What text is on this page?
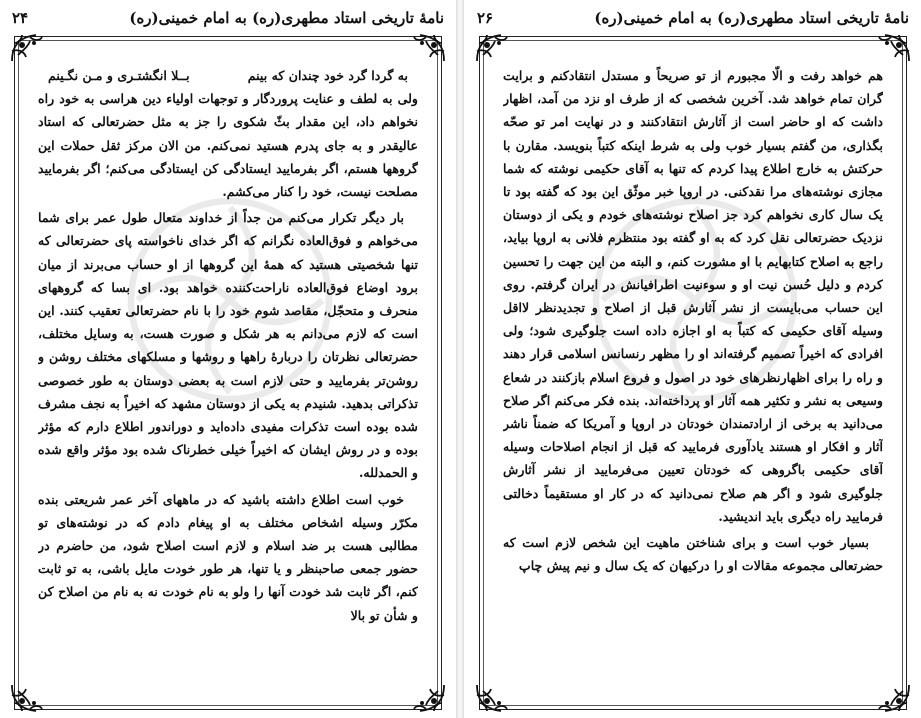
نامۀ تاریخی استاد مطهری(ره) به امام خمینی(ره)
۲۴
به گردا گرد خود چندان که بینم
بــلا انگشتـری و مـن نگـینم

ولی به لطف و عنایت پروردگار و توجهات اولیاء دین هراسی به خود راه نخواهم داد، این مقدار بثّ شکوی را جز به مثل حضرتعالی که استاد عالیقدر و به جای پدرم هستید نمی‌کنم. من الان مرکز ثقل حملات این گروهها هستم، اگر بفرمایید ایستادگی کن ایستادگی می‌کنم؛ اگر بفرمایید مصلحت نیست، خود را کنار می‌کشم.

بار دیگر تکرار می‌کنم من جداً از خداوند متعال طول عمر برای شما می‌خواهم و فوق‌العاده نگرانم که اگر خدای ناخواسته پای حضرتعالی که تنها شخصیتی هستید که همۀ این گروهها از او حساب می‌برند از میان برود اوضاع فوق‌العاده ناراحت‌کننده خواهد بود. ای بسا که گروههای منحرف و متحجّل، مقاصد شوم خود را با نام حضرتعالی تعقیب کنند. این است که لازم می‌دانم به هر شکل و صورت هست، به وسایل مختلف، حضرتعالی نظرتان را دربارۀ راهها و روشها و مسلکهای مختلف روشن و روشن‌تر بفرمایید و حتی لازم است به بعضی دوستان به طور خصوصی تذکراتی بدهید. شنیدم به یکی از دوستان مشهد که اخیراً به نجف مشرف شده بوده است تذکرات مفیدی داده‌اید و دوراندور اطلاع دارم که مؤثر بوده و در روش ایشان که اخیراً خیلی خطرناک شده بود مؤثر واقع شده و الحمدلله.

خوب است اطلاع داشته باشید که در ماههای آخر عمر شریعتی بنده مکرّر وسیله اشخاص مختلف به او پیغام دادم که در نوشته‌های تو مطالبی هست بر ضد اسلام و لازم است اصلاح شود، من حاضرم در حضور جمعی صاحبنظر و یا تنها، هر طور خودت مایل باشی، به تو ثابت کنم، اگر ثابت شد خودت آنها را ولو به نام خودت نه به نام من اصلاح کن و شأن تو بالا

نامۀ تاریخی استاد مطهری(ره) به امام خمینی(ره)
۲۶

هم خواهد رفت و الّا مجبورم از تو صریحاً و مستدل انتقادکنم و برایت گران تمام خواهد شد. آخرین شخصی که از طرف او نزد من آمد، اظهار داشت که او حاضر است از آثارش انتقادکنند و در نهایت امر تو صحّه بگذاری، من گفتم بسیار خوب ولی به شرط اینکه کتباً بنویسد. مقارن با حرکتش به خارج اطلاع پیدا کردم که تنها به آقای حکیمی نوشته که شما مجازی نوشته‌های مرا نقدکنی. در اروپا خبر موثّق این بود که گفته بود تا یک سال کاری نخواهم کرد جز اصلاح نوشته‌های خودم و یکی از دوستان نزدیک حضرتعالی نقل کرد که به او گفته بود منتظرم فلانی به اروپا بیاید، راجع به اصلاح کتابهایم با او مشورت کنم، و البته من این جهت را تحسین کردم و دلیل حُسن نیت او و سوءنیت اطرافیانش در ایران گرفتم. روی این حساب می‌بایست از نشر آثارش قبل از اصلاح و تجدیدنظر لااقل وسیله آقای حکیمی که کتباً به او اجازه داده است جلوگیری شود؛ ولی افرادی که اخیراً تصمیم گرفته‌اند او را مظهر رنسانس اسلامی قرار دهند و راه را برای اظهارنظرهای خود در اصول و فروع اسلام بازکنند در شعاع وسیعی به نشر و تکثیر همه آثار او پرداخته‌اند. بنده فکر می‌کنم اگر صلاح می‌دانید به برخی از ارادتمندان خودتان در اروپا و آمریکا که ضمناً ناشر آثار و افکار او هستند یادآوری فرمایید که قبل از انجام اصلاحات وسیله آقای حکیمی باگروهی که خودتان تعیین می‌فرمایید از نشر آثارش جلوگیری شود و اگر هم صلاح نمی‌دانید که در کار او مستقیماً دخالتی فرمایید راه دیگری باید اندیشید.

بسیار خوب است و برای شناختن ماهیت این شخص لازم است که حضرتعالی مجموعه مقالات او را درکیهان که یک سال و نیم پیش چاپ
